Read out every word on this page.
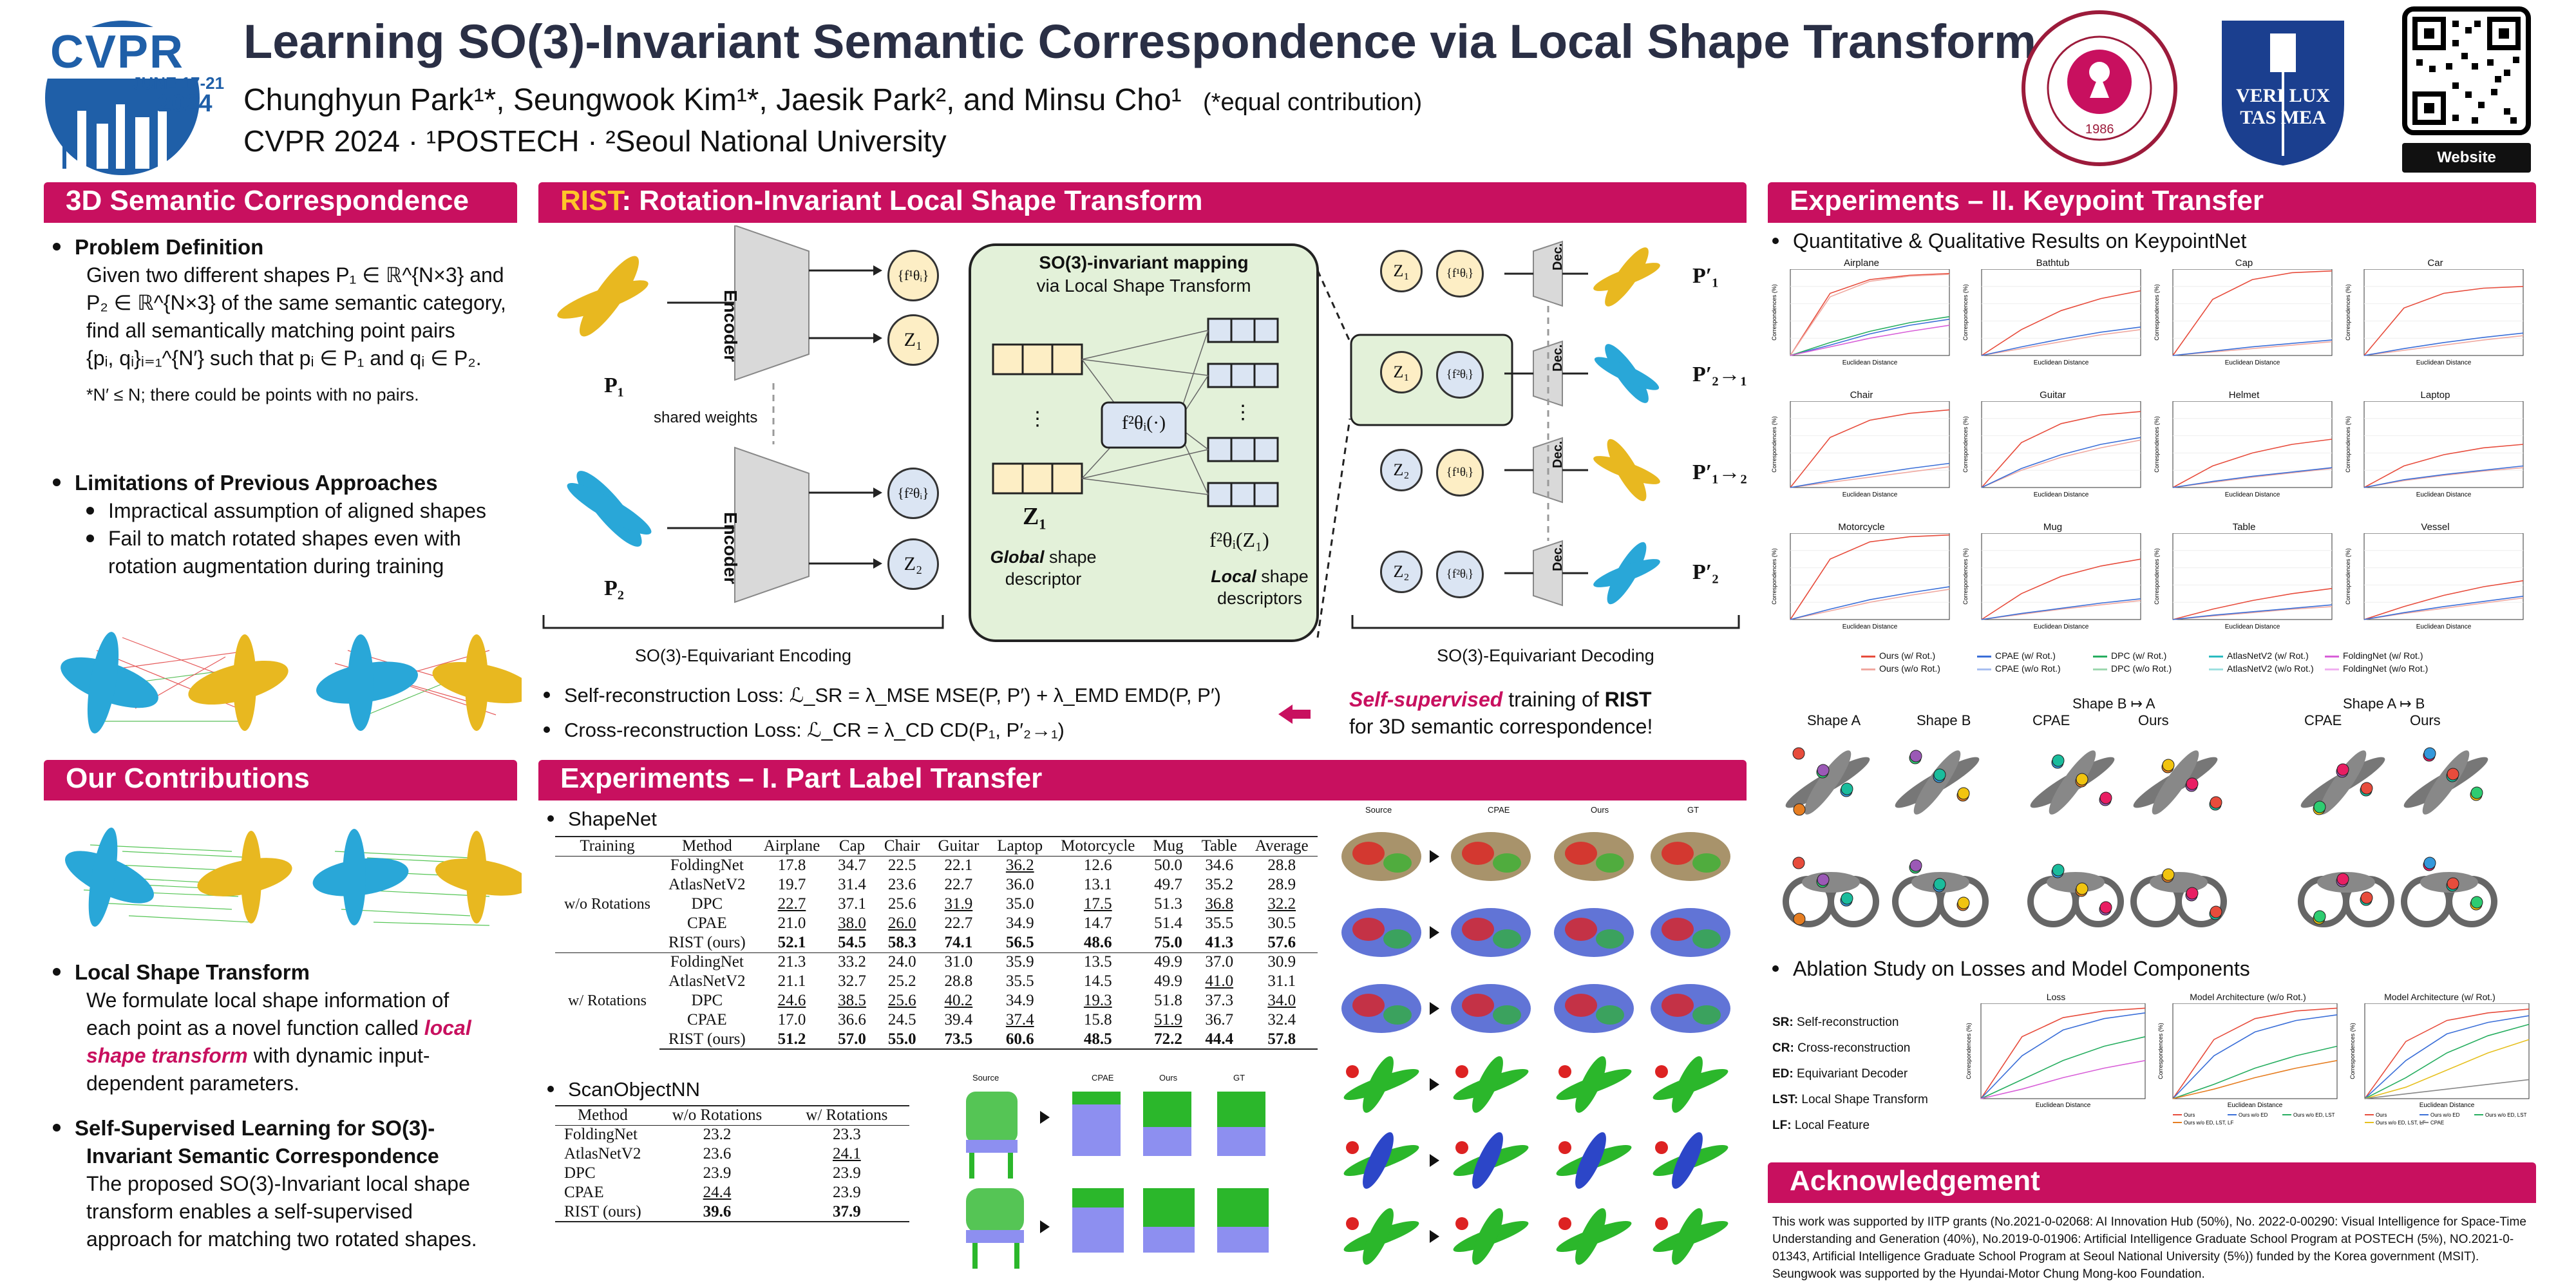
CVPR
JUNE 17-21
2024
Learning SO(3)-Invariant Semantic Correspondence via Local Shape Transform
Chunghyun Park¹*, Seungwook Kim¹*, Jaesik Park², and Minsu Cho¹ (*equal contribution)
CVPR 2024 · ¹POSTECH · ²Seoul National University	1986
VERI LUX TAS MEA
Website
3D Semantic Correspondence
Problem Definition
Given two different shapes P₁ ∈ ℝ^{N×3} and
P₂ ∈ ℝ^{N×3} of the same semantic category,
find all semantically matching point pairs
{pᵢ, qᵢ}ᵢ₌₁^{N′} such that pᵢ ∈ P₁ and qᵢ ∈ P₂.
*N′ ≤ N; there could be points with no pairs.
Limitations of Previous Approaches
Impractical assumption of aligned shapes
Fail to match rotated shapes even with
rotation augmentation during training
RIST: Rotation-Invariant Local Shape Transform
⋮	⋮
Encoder
Encoder
shared weights
P₁
P₂
{f¹θᵢ}
Z₁
{f²θᵢ}
Z₂
SO(3)-invariant mapping
via Local Shape Transform
f²θᵢ(·)
Z₁
Global shape descriptor
f²θᵢ(Z₁)
Local shape descriptors
Z₁	{f¹θᵢ}
Z₁	{f²θᵢ}
Z₂	{f¹θᵢ}
Z₂	{f²θᵢ}
Dec.
Dec.
Dec.
Dec.
P′₁
P′₂→₁
P′₁→₂
P′₂
SO(3)-Equivariant Encoding	SO(3)-Equivariant Decoding
Self-reconstruction Loss: ℒ_SR = λ_MSE MSE(P, P′) + λ_EMD EMD(P, P′)
Cross-reconstruction Loss: ℒ_CR = λ_CD CD(P₁, P′₂→₁)
Self-supervised training of RIST
for 3D semantic correspondence!
Our Contributions
Local Shape Transform
We formulate local shape information of
each point as a novel function called local
shape transform with dynamic input-
dependent parameters.
Self-Supervised Learning for SO(3)-
Invariant Semantic Correspondence
The proposed SO(3)-Invariant local shape
transform enables a self-supervised
approach for matching two rotated shapes.
Experiments – I. Part Label Transfer
ShapeNet
Training	Method	Airplane	Cap	Chair	Guitar	Laptop	Motorcycle	Mug	Table	Average
w/o Rotations	FoldingNet	17.8	34.7	22.5	22.1	36.2	12.6	50.0	34.6	28.8
	AtlasNetV2	19.7	31.4	23.6	22.7	36.0	13.1	49.7	35.2	28.9
	DPC	22.7	37.1	25.6	31.9	35.0	17.5	51.3	36.8	32.2
	CPAE	21.0	38.0	26.0	22.7	34.9	14.7	51.4	35.5	30.5
	RIST (ours)	52.1	54.5	58.3	74.1	56.5	48.6	75.0	41.3	57.6
w/ Rotations	FoldingNet	21.3	33.2	24.0	31.0	35.9	13.5	49.9	37.0	30.9
	AtlasNetV2	21.1	32.7	25.2	28.8	35.5	14.5	49.9	41.0	31.1
	DPC	24.6	38.5	25.6	40.2	34.9	19.3	51.8	37.3	34.0
	CPAE	17.0	36.6	24.5	39.4	37.4	15.8	51.9	36.7	32.4
	RIST (ours)	51.2	57.0	55.0	73.5	60.6	48.5	72.2	44.4	57.8
ScanObjectNN
Method	w/o Rotations	w/ Rotations
FoldingNet	23.2	23.3
AtlasNetV2	23.6	24.1
DPC	23.9	23.9
CPAE	24.4	23.9
RIST (ours)	39.6	37.9
Source	CPAE	Ours	GT
Source	CPAE	Ours	GT
Experiments – II. Keypoint Transfer
Quantitative & Qualitative Results on KeypointNet
Airplane
Euclidean Distance
Correspondences (%)
Bathtub
Euclidean Distance
Correspondences (%)
Cap
Euclidean Distance
Correspondences (%)
Car
Euclidean Distance
Correspondences (%)
Chair
Euclidean Distance
Correspondences (%)
Guitar
Euclidean Distance
Correspondences (%)
Helmet
Euclidean Distance
Correspondences (%)
Laptop
Euclidean Distance
Correspondences (%)
Motorcycle
Euclidean Distance
Correspondences (%)
Mug
Euclidean Distance
Correspondences (%)
Table
Euclidean Distance
Correspondences (%)
Vessel
Euclidean Distance
Correspondences (%)
Ours (w/ Rot.)
Ours (w/o Rot.)
CPAE (w/ Rot.)
CPAE (w/o Rot.)
DPC (w/ Rot.)
DPC (w/o Rot.)
AtlasNetV2 (w/ Rot.)
AtlasNetV2 (w/o Rot.)
FoldingNet (w/ Rot.)
FoldingNet (w/o Rot.)
Shape A	Shape B
Shape B ↦ A
CPAE	Ours
Shape A ↦ B
CPAE	Ours
Ablation Study on Losses and Model Components
SR: Self-reconstruction
CR: Cross-reconstruction
ED: Equivariant Decoder
LST: Local Shape Transform
LF: Local Feature
Loss
Euclidean Distance
Correspondences (%)
Model Architecture (w/o Rot.)
Euclidean Distance
Correspondences (%)
Ours	Ours w/o ED	Ours w/o ED, LST
Ours w/o ED, LST, LF
Model Architecture (w/ Rot.)
Euclidean Distance
Correspondences (%)
Ours	Ours w/o ED	Ours w/o ED, LST
Ours w/o ED, LST, LF CPAE
Acknowledgement
This work was supported by IITP grants (No.2021-0-02068: AI Innovation Hub (50%), No. 2022-0-00290: Visual Intelligence for Space-Time Understanding and Generation (40%), No.2019-0-01906: Artificial Intelligence Graduate School Program at POSTECH (5%), NO.2021-0-01343, Artificial Intelligence Graduate School Program at Seoul National University (5%)) funded by the Korea government (MSIT). Seungwook was supported by the Hyundai-Motor Chung Mong-koo Foundation.
